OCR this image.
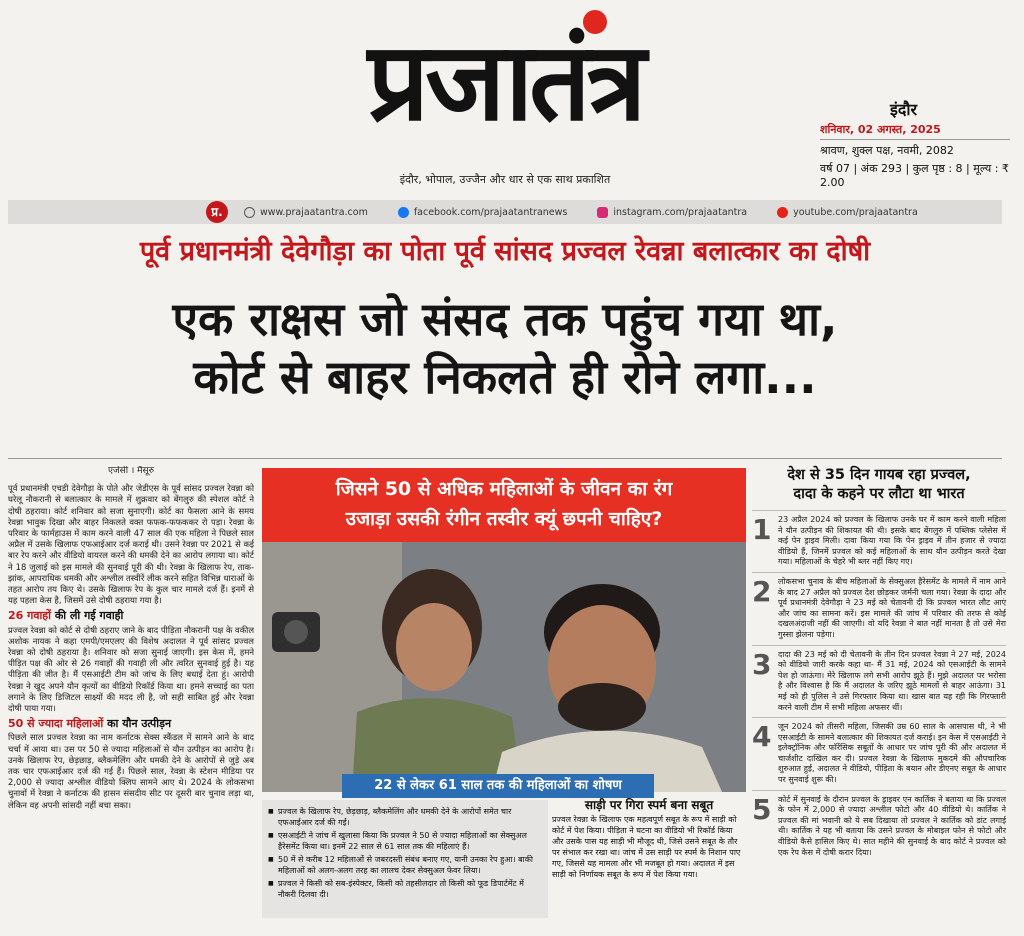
प्रजातंत्र
इंदौर, भोपाल, उज्जैन और धार से एक साथ प्रकाशित
इंदौर
शनिवार, 02 अगस्त, 2025
श्रावण, शुक्ल पक्ष, नवमी, 2082
वर्ष 07 | अंक 293 | कुल पृष्ठ : 8 | मूल्य : ₹ 2.00
प्र.	www.prajaatantra.com	facebook.com/prajaatantranews	instagram.com/prajaatantra	youtube.com/prajaatantra
पूर्व प्रधानमंत्री देवेगौड़ा का पोता पूर्व सांसद प्रज्वल रेवन्ना बलात्कार का दोषी
एक राक्षस जो संसद तक पहुंच गया था,
कोर्ट से बाहर निकलते ही रोने लगा...
एजेंसी । मैसूरु

पूर्व प्रधानमंत्री एचडी देवेगौड़ा के पोते और जेडीएस के पूर्व सांसद प्रज्वल रेवन्ना को घरेलू नौकरानी से बलात्कार के मामले में शुक्रवार को बेंगलुरु की स्पेशल कोर्ट ने दोषी ठहराया। कोर्ट शनिवार को सजा सुनाएगी। कोर्ट का फैसला आने के समय रेवन्ना भावुक दिखा और बाहर निकलते वक्त फफक-फफककर रो पड़ा। रेवन्ना के परिवार के फार्महाउस में काम करने वाली 47 साल की एक महिला ने पिछले साल अप्रैल में उसके खिलाफ एफआईआर दर्ज कराई थी। उसने रेवन्ना पर 2021 से कई बार रेप करने और वीडियो वायरल करने की धमकी देने का आरोप लगाया था। कोर्ट ने 18 जुलाई को इस मामले की सुनवाई पूरी की थी। रेवन्ना के खिलाफ रेप, ताक-झांक, आपराधिक धमकी और अश्लील तस्वीरें लीक करने सहित विभिन्न धाराओं के तहत आरोप तय किए थे। उसके खिलाफ रेप के कुल चार मामले दर्ज हैं। इनमें से यह पहला केस है, जिसमें उसे दोषी ठहराया गया है।

26 गवाहों की ली गई गवाही

प्रज्वल रेवन्ना को कोर्ट से दोषी ठहराए जाने के बाद पीड़िता नौकरानी पक्ष के वकील अशोक नायक ने कहा एमपी/एमएलए की विशेष अदालत ने पूर्व सांसद प्रज्वल रेवन्ना को दोषी ठहराया है। शनिवार को सजा सुनाई जाएगी। इस केस में, हमने पीड़ित पक्ष की ओर से 26 गवाहों की गवाही ली और त्वरित सुनवाई हुई है। यह पीड़िता की जीत है। मैं एसआईटी टीम को जांच के लिए बधाई देता हूं। आरोपी रेवन्ना ने खुद अपने यौन कृत्यों का वीडियो रिकॉर्ड किया था। हमने सच्चाई का पता लगाने के लिए डिजिटल साक्ष्यों की मदद ली है, जो सही साबित हुई और रेवन्ना दोषी पाया गया।

50 से ज्यादा महिलाओं का यौन उत्पीड़न

पिछले साल प्रज्वल रेवन्ना का नाम कर्नाटक सेक्स स्कैंडल में सामने आने के बाद चर्चा में आया था। उस पर 50 से ज्यादा महिलाओं से यौन उत्पीड़न का आरोप है। उनके खिलाफ रेप, छेड़छाड़, ब्लैकमेलिंग और धमकी देने के आरोपों से जुड़े अब तक चार एफआईआर दर्ज की गई हैं। पिछले साल, रेवन्ना के स्टेशन मीडिया पर 2,000 से ज्यादा अश्लील वीडियो क्लिप सामने आए थे। 2024 के लोकसभा चुनावों में रेवन्ना ने कर्नाटक की हासन संसदीय सीट पर दूसरी बार चुनाव लड़ा था, लेकिन वह अपनी सांसदी नहीं बचा सका।

जिसने 50 से अधिक महिलाओं के जीवन का रंग
उजाड़ा उसकी रंगीन तस्वीर क्यूं छपनी चाहिए?
22 से लेकर 61 साल तक की महिलाओं का शोषण
■ प्रज्वल के खिलाफ रेप, छेड़छाड़, ब्लैकमेलिंग और धमकी देने के आरोपों समेत चार एफआईआर दर्ज की गईं।
■ एसआईटी ने जांच में खुलासा किया कि प्रज्वल ने 50 से ज्यादा महिलाओं का सेक्सुअल हैरेसमेंट किया था। इनमें 22 साल से 61 साल तक की महिलाएं हैं।
■ 50 में से करीब 12 महिलाओं से जबरदस्ती संबंध बनाए गए, यानी उनका रेप हुआ। बाकी महिलाओं को अलग-अलग तरह का लालच देकर सेक्सुअल फेवर लिया।
■ प्रज्वल ने किसी को सब-इंस्पेक्टर, किसी को तहसीलदार तो किसी को फूड डिपार्टमेंट में नौकरी दिलवा दी।
साड़ी पर गिरा स्पर्म बना सबूत
प्रज्वल रेवन्ना के खिलाफ एक महत्वपूर्ण सबूत के रूप में साड़ी को कोर्ट में पेश किया। पीड़िता ने घटना का वीडियो भी रिकॉर्ड किया और उसके पास यह साड़ी भी मौजूद थी, जिसे उसने सबूत के तौर पर संभाल कर रखा था। जांच में उस साड़ी पर स्पर्म के निशान पाए गए, जिससे यह मामला और भी मजबूत हो गया। अदालत में इस साड़ी को निर्णायक सबूत के रूप में पेश किया गया।
देश से 35 दिन गायब रहा प्रज्वल,
दादा के कहने पर लौटा था भारत
1 23 अप्रैल 2024 को प्रज्वल के खिलाफ उनके घर में काम करने वाली महिला ने यौन उत्पीड़न की शिकायत की थी। इसके बाद बेंगलुरु में पब्लिक प्लेसेस में कई पेन ड्राइव मिली। दावा किया गया कि पेन ड्राइव में तीन हजार से ज्यादा वीडियो हैं, जिनमें प्रज्वल को कई महिलाओं के साथ यौन उत्पीड़न करते देखा गया। महिलाओं के चेहरे भी ब्लर नहीं किए गए।
2 लोकसभा चुनाव के बीच महिलाओं के सेक्सुअल हैरेसमेंट के मामले में नाम आने के बाद 27 अप्रैल को प्रज्वल देश छोड़कर जर्मनी चला गया। रेवन्ना के दादा और पूर्व प्रधानमंत्री देवेगौड़ा ने 23 मई को चेतावनी दी कि प्रज्वल भारत लौट आएं और जांच का सामना करें। इस मामले की जांच में परिवार की तरफ से कोई दखलअंदाजी नहीं की जाएगी। वो यदि रेवन्ना ने बात नहीं मानता है तो उसे मेरा गुस्सा झेलना पड़ेगा।
3 दादा की 23 मई को दी चेतावनी के तीन दिन प्रज्वल रेवन्ना ने 27 मई, 2024 को वीडियो जारी करके कहा था- मैं 31 मई, 2024 को एसआईटी के सामने पेश हो जाऊंगा। मेरे खिलाफ लगे सभी आरोप झूठे हैं। मुझे अदालत पर भरोसा है और विश्वास है कि मैं अदालत के जरिए झूठे मामलों से बाहर आऊंगा। 31 मई को ही पुलिस ने उसे गिरफ्तार किया था। खास बात यह रही कि गिरफ्तारी करने वाली टीम में सभी महिला अफसर थीं।
4 जून 2024 को तीसरी महिला, जिसकी उम्र 60 साल के आसपास थी, ने भी एसआईटी के सामने बलात्कार की शिकायत दर्ज कराई। इन केस में एसआईटी ने इलेक्ट्रॉनिक और फॉरेंसिक सबूतों के आधार पर जांच पूरी की और अदालत में चार्जशीट दाखिल कर दी। प्रज्वल रेवन्ना के खिलाफ मुकदमे की औपचारिक शुरुआत हुई, अदालत ने वीडियो, पीड़िता के बयान और डीएनए सबूत के आधार पर सुनवाई शुरू की।
5 कोर्ट में सुनवाई के दौरान प्रज्वल के ड्राइवर एन कार्तिक ने बताया था कि प्रज्वल के फोन में 2,000 से ज्यादा अश्लील फोटो और 40 वीडियो थे। कार्तिक ने प्रज्वल की मां भवानी को ये सब दिखाया तो प्रज्वल ने कार्तिक को डांट लगाई थी। कार्तिक ने यह भी बताया कि उसने प्रज्वल के मोबाइल फोन से फोटो और वीडियो कैसे हासिल किए थे। सात महीने की सुनवाई के बाद कोर्ट ने प्रज्वल को एक रेप केस में दोषी करार दिया।
